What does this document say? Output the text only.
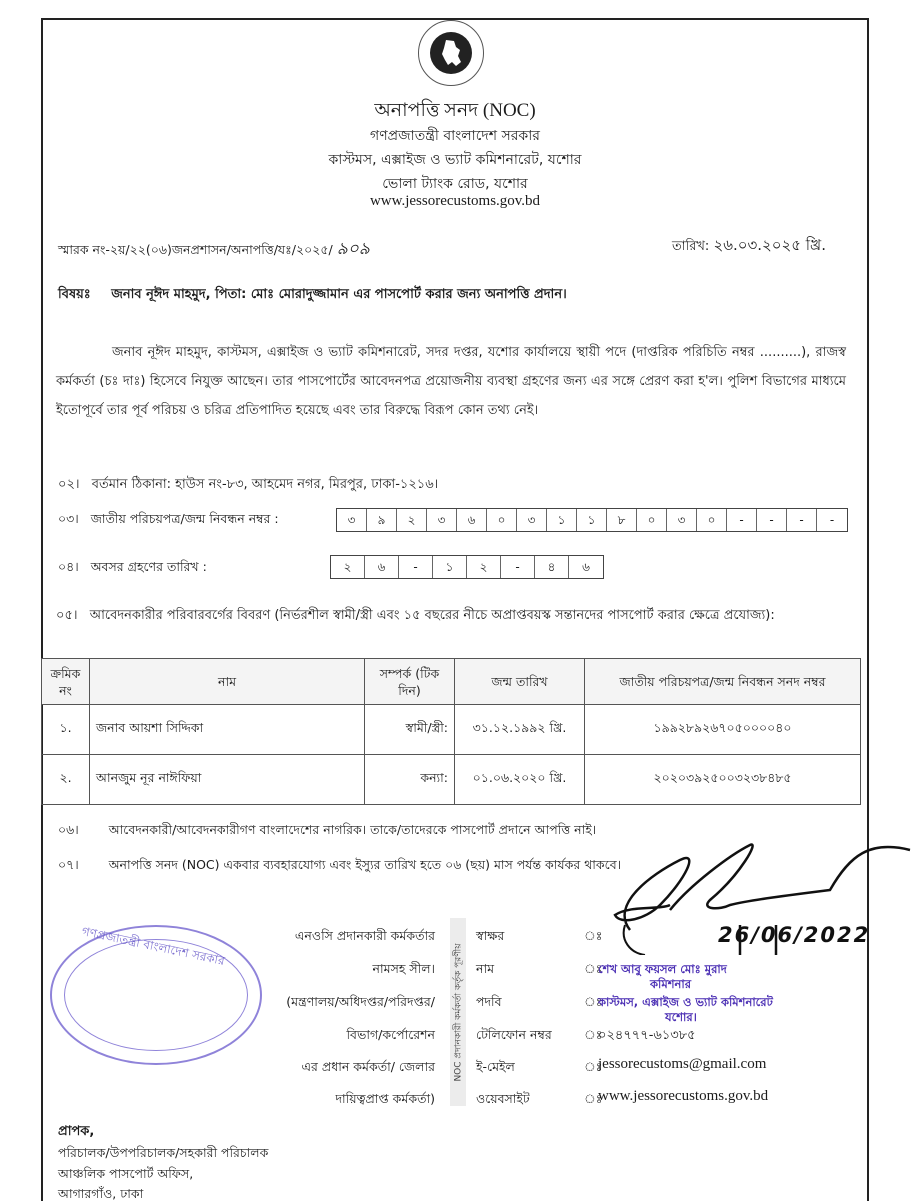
অনাপত্তি সনদ (NOC)
গণপ্রজাতন্ত্রী বাংলাদেশ সরকার
কাস্টমস, এক্সাইজ ও ভ্যাট কমিশনারেট, যশোর
ভোলা ট্যাংক রোড, যশোর
www.jessorecustoms.gov.bd
স্মারক নং-২য়/২২(০৬)জনপ্রশাসন/অনাপত্তি/যঃ/২০২৫/ ৯০৯	তারিখ: ২৬.০৩.২০২৫ খ্রি.
বিষয়ঃ জনাব নূঈদ মাহমুদ, পিতা: মোঃ মোরাদুজ্জামান এর পাসপোর্ট করার জন্য অনাপত্তি প্রদান।
জনাব নূঈদ মাহমুদ, কাস্টমস, এক্সাইজ ও ভ্যাট কমিশনারেট, সদর দপ্তর, যশোর কার্যালয়ে স্থায়ী পদে (দাপ্তরিক পরিচিতি নম্বর ..........), রাজস্ব কর্মকর্তা (চঃ দাঃ) হিসেবে নিযুক্ত আছেন। তার পাসপোর্টের আবেদনপত্র প্রয়োজনীয় ব্যবস্থা গ্রহণের জন্য এর সঙ্গে প্রেরণ করা হ'ল। পুলিশ বিভাগের মাধ্যমে ইতোপূর্বে তার পূর্ব পরিচয় ও চরিত্র প্রতিপাদিত হয়েছে এবং তার বিরুদ্ধে বিরূপ কোন তথ্য নেই।
০২। বর্তমান ঠিকানা: হাউস নং-৮৩, আহমেদ নগর, মিরপুর, ঢাকা-১২১৬।
০৩। জাতীয় পরিচয়পত্র/জন্ম নিবন্ধন নম্বর :	৩	৯	২	৩	৬	০	৩	১	১	৮	০	৩	০	-	-	-	-
০৪। অবসর গ্রহণের তারিখ :	২	৬	-	১	২	-	৪	৬
০৫। আবেদনকারীর পরিবারবর্গের বিবরণ (নির্ভরশীল স্বামী/স্ত্রী এবং ১৫ বছরের নীচে অপ্রাপ্তবয়স্ক সন্তানদের পাসপোর্ট করার ক্ষেত্রে প্রযোজ্য):
ক্রমিক নং	নাম	সম্পর্ক (টিক দিন)	জন্ম তারিখ	জাতীয় পরিচয়পত্র/জন্ম নিবন্ধন সনদ নম্বর
১.	জনাব আয়শা সিদ্দিকা	স্বামী/স্ত্রী:	৩১.১২.১৯৯২ খ্রি.	১৯৯২৮৯২৬৭০৫০০০০৪০
২.	আনজুম নূর নাঈফিয়া	কন্যা:	০১.০৬.২০২০ খ্রি.	২০২০৩৯২৫০০৩২৩৮৪৮৫
০৬। আবেদনকারী/আবেদনকারীগণ বাংলাদেশের নাগরিক। তাকে/তাদেরকে পাসপোর্ট প্রদানে আপত্তি নাই।
০৭। অনাপত্তি সনদ (NOC) একবার ব্যবহারযোগ্য এবং ইস্যুর তারিখ হতে ০৬ (ছয়) মাস পর্যন্ত কার্যকর থাকবে।
গণপ্রজাতন্ত্রী বাংলাদেশ সরকার	এনওসি প্রদানকারী কর্মকর্তার
নামসহ সীল।
(মন্ত্রণালয়/অধিদপ্তর/পরিদপ্তর/
বিভাগ/কর্পোরেশন
এর প্রধান কর্মকর্তা/ জেলার
দায়িত্বপ্রাপ্ত কর্মকর্তা)
NOC প্রদানকারী কর্মকর্তা কর্তৃক পূরণীয়
স্বাক্ষর	ঃ
নাম	ঃ
শেখ আবু ফয়সল মোঃ মুরাদ
কমিশনার
পদবি	ঃ
কাস্টমস, এক্সাইজ ও ভ্যাট কমিশনারেট
যশোর।
টেলিফোন নম্বর	ঃ
০২৪৭৭৭-৬১৩৮৫
ই-মেইল	ঃ
jessorecustoms@gmail.com
ওয়েবসাইট	ঃ
www.jessorecustoms.gov.bd
26/06/2022
প্রাপক,
পরিচালক/উপপরিচালক/সহকারী পরিচালক
আঞ্চলিক পাসপোর্ট অফিস,
আগারগাঁও, ঢাকা
